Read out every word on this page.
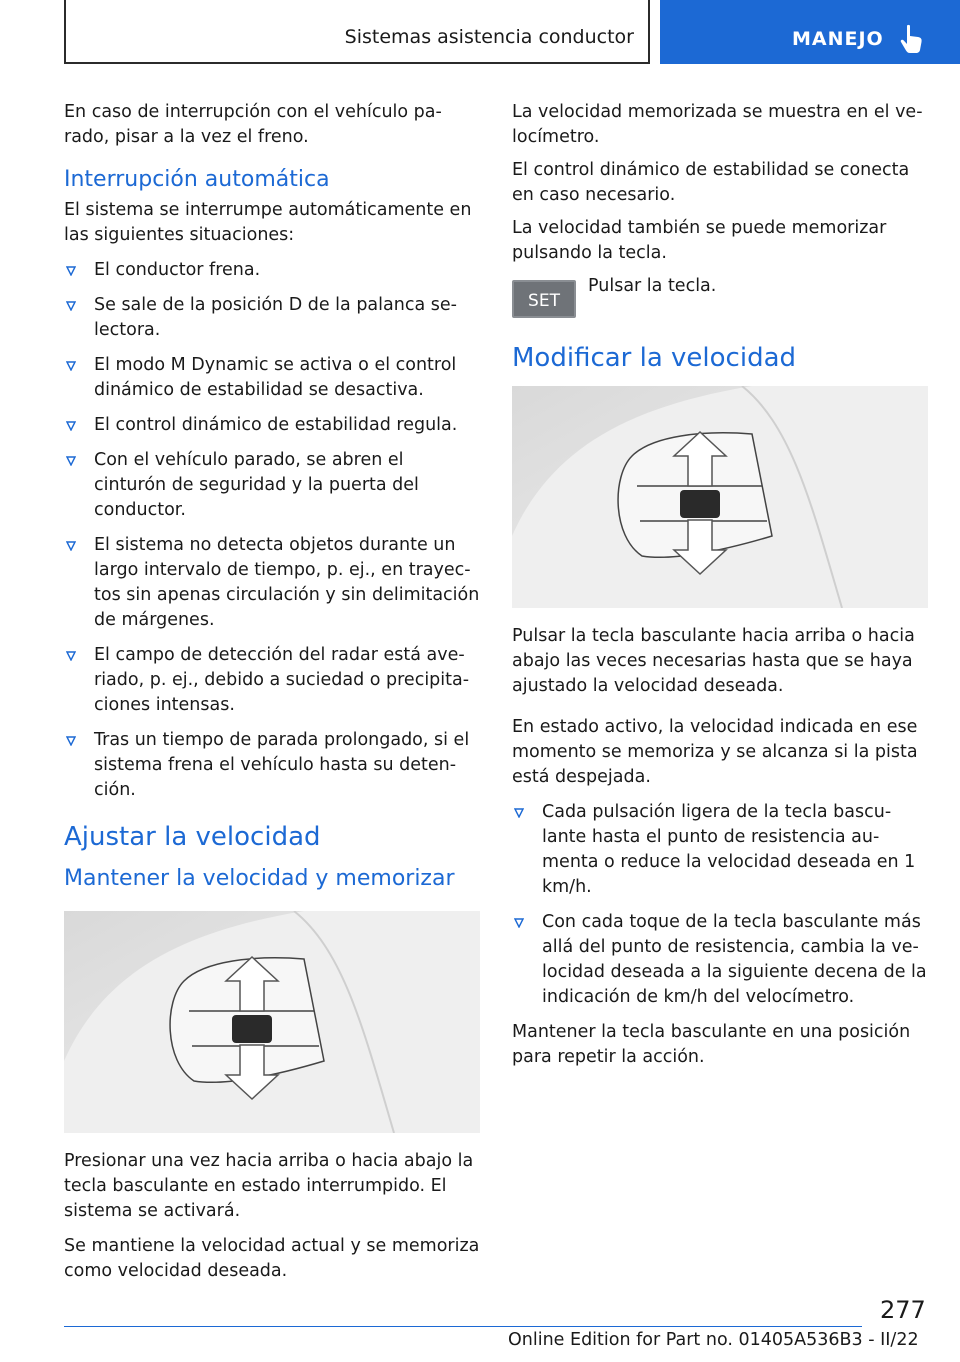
Sistemas asistencia conductor	MANEJO

En caso de interrupción con el vehículo pa-rado, pisar a la vez el freno.

Interrupción automática

El sistema se interrumpe automáticamente en las siguientes situaciones:

El conductor frena.
Se sale de la posición D de la palanca se-lectora.
El modo M Dynamic se activa o el control dinámico de estabilidad se desactiva.
El control dinámico de estabilidad regula.
Con el vehículo parado, se abren el cinturón de seguridad y la puerta del conductor.
El sistema no detecta objetos durante un largo intervalo de tiempo, p. ej., en trayec-tos sin apenas circulación y sin delimitación de márgenes.
El campo de detección del radar está ave-riado, p. ej., debido a suciedad o precipita-ciones intensas.
Tras un tiempo de parada prolongado, si el sistema frena el vehículo hasta su deten-ción.
Ajustar la velocidad
Mantener la velocidad y memorizar

Presionar una vez hacia arriba o hacia abajo la tecla basculante en estado interrumpido. El sistema se activará.

Se mantiene la velocidad actual y se memoriza como velocidad deseada.

La velocidad memorizada se muestra en el ve-locímetro.

El control dinámico de estabilidad se conecta en caso necesario.

La velocidad también se puede memorizar pulsando la tecla.

SET
Pulsar la tecla.
Modificar la velocidad

Pulsar la tecla basculante hacia arriba o hacia abajo las veces necesarias hasta que se haya ajustado la velocidad deseada.

En estado activo, la velocidad indicada en ese momento se memoriza y se alcanza si la pista está despejada.

Cada pulsación ligera de la tecla bascu-lante hasta el punto de resistencia au-menta o reduce la velocidad deseada en 1 km/h.
Con cada toque de la tecla basculante más allá del punto de resistencia, cambia la ve-locidad deseada a la siguiente decena de la indicación de km/h del velocímetro.

Mantener la tecla basculante en una posición para repetir la acción.

277
Online Edition for Part no. 01405A536B3 - II/22
